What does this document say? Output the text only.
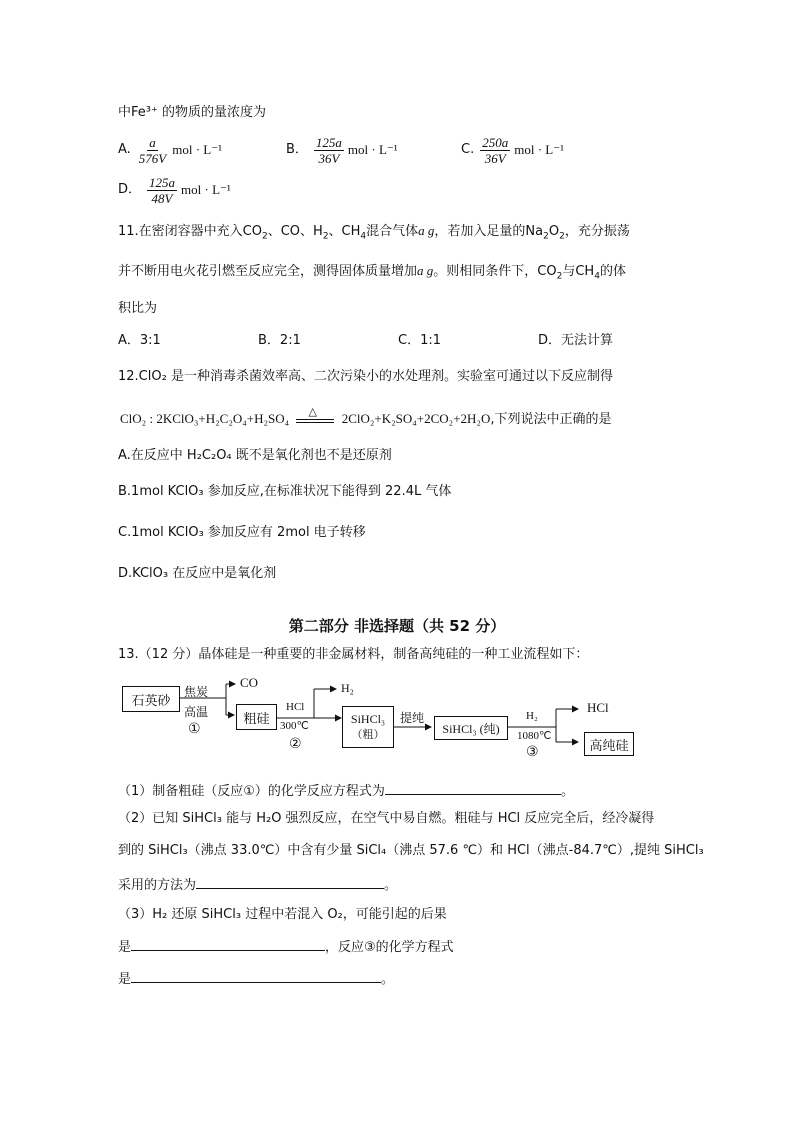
中Fe³⁺ 的物质的量浓度为
A. $\frac{a}{576V}$ mol · L⁻¹	B． $\frac{125a}{36V}$ mol · L⁻¹	C. $\frac{250a}{36V}$ mol · L⁻¹
D． $\frac{125a}{48V}$ mol · L⁻¹
11.在密闭容器中充入$CO_2$、CO、$H_2$、$CH_4$混合气体a g，若加入足量的$Na_2O_2$，充分振荡
并不断用电火花引燃至反应完全，测得固体质量增加a g。则相同条件下，$CO_2$与$CH_4$的体
积比为
A．3:1	B．2:1	C．1:1	D．无法计算
12.ClO₂ 是一种消毒杀菌效率高、二次污染小的水处理剂。实验室可通过以下反应制得
ClO₂ : 2KClO₃+H₂C₂O₄+H₂SO₄ △ 2ClO₂+K₂SO₄+2CO₂+2H₂O,下列说法中正确的是
A.在反应中 H₂C₂O₄ 既不是氧化剂也不是还原剂
B.1mol KClO₃ 参加反应,在标准状况下能得到 22.4L 气体
C.1mol KClO₃ 参加反应有 2mol 电子转移
D.KClO₃ 在反应中是氧化剂
第二部分 非选择题（共 52 分）
13.（12 分）晶体硅是一种重要的非金属材料，制备高纯硅的一种工业流程如下：
石英砂
焦炭
高温
①
CO
粗硅
HCl
300℃
②
H₂
SiHCl₃
（粗）
提纯
SiHCl₃ (纯)
H₂
1080℃
③
HCl
高纯硅
（1）制备粗硅（反应①）的化学反应方程式为	。
（2）已知 SiHCl₃ 能与 H₂O 强烈反应，在空气中易自燃。粗硅与 HCl 反应完全后，经冷凝得
到的 SiHCl₃（沸点 33.0℃）中含有少量 SiCl₄（沸点 57.6 ℃）和 HCl（沸点-84.7℃）,提纯 SiHCl₃
采用的方法为	。
（3）H₂ 还原 SiHCl₃ 过程中若混入 O₂，可能引起的后果
是	，反应③的化学方程式
是	。
